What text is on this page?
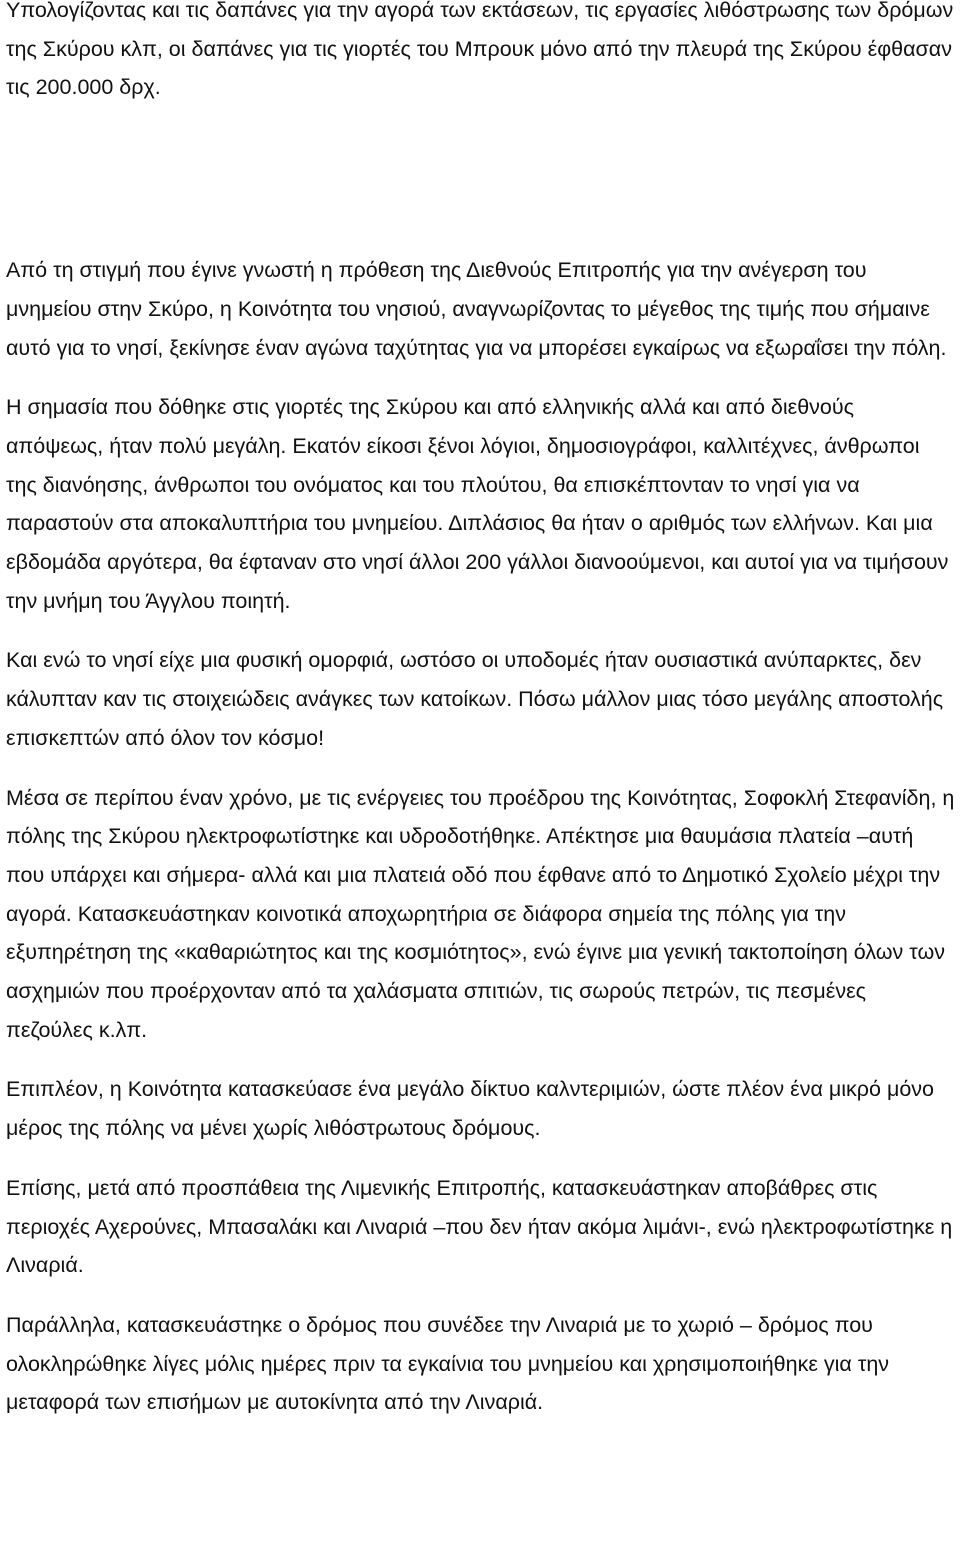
Υπολογίζοντας και τις δαπάνες για την αγορά των εκτάσεων, τις εργασίες λιθόστρωσης των δρόμων της Σκύρου κλπ, οι δαπάνες για τις γιορτές του Μπρουκ μόνο από την πλευρά της Σκύρου έφθασαν τις 200.000 δρχ.

Από τη στιγμή που έγινε γνωστή η πρόθεση της Διεθνούς Επιτροπής για την ανέγερση του μνημείου στην Σκύρο, η Κοινότητα του νησιού, αναγνωρίζοντας το μέγεθος της τιμής που σήμαινε αυτό για το νησί, ξεκίνησε έναν αγώνα ταχύτητας για να μπορέσει εγκαίρως να εξωραΐσει την πόλη.

Η σημασία που δόθηκε στις γιορτές της Σκύρου και από ελληνικής αλλά και από διεθνούς απόψεως, ήταν πολύ μεγάλη. Εκατόν είκοσι ξένοι λόγιοι, δημοσιογράφοι, καλλιτέχνες, άνθρωποι της διανόησης, άνθρωποι του ονόματος και του πλούτου, θα επισκέπτονταν το νησί για να παραστούν στα αποκαλυπτήρια του μνημείου. Διπλάσιος θα ήταν ο αριθμός των ελλήνων. Και μια εβδομάδα αργότερα, θα έφταναν στο νησί άλλοι 200 γάλλοι διανοούμενοι, και αυτοί για να τιμήσουν την μνήμη του Άγγλου ποιητή.

Και ενώ το νησί είχε μια φυσική ομορφιά, ωστόσο οι υποδομές ήταν ουσιαστικά ανύπαρκτες, δεν κάλυπταν καν τις στοιχειώδεις ανάγκες των κατοίκων. Πόσω μάλλον μιας τόσο μεγάλης αποστολής επισκεπτών από όλον τον κόσμο!

Μέσα σε περίπου έναν χρόνο, με τις ενέργειες του προέδρου της Κοινότητας, Σοφοκλή Στεφανίδη, η πόλης της Σκύρου ηλεκτροφωτίστηκε και υδροδοτήθηκε. Απέκτησε μια θαυμάσια πλατεία –αυτή που υπάρχει και σήμερα- αλλά και μια πλατειά οδό που έφθανε από το Δημοτικό Σχολείο μέχρι την αγορά. Κατασκευάστηκαν κοινοτικά αποχωρητήρια σε διάφορα σημεία της πόλης για την εξυπηρέτηση της «καθαριώτητος και της κοσμιότητος», ενώ έγινε μια γενική τακτοποίηση όλων των ασχημιών που προέρχονταν από τα χαλάσματα σπιτιών, τις σωρούς πετρών, τις πεσμένες πεζούλες κ.λπ.

Επιπλέον, η Κοινότητα κατασκεύασε ένα μεγάλο δίκτυο καλντεριμιών, ώστε πλέον ένα μικρό μόνο μέρος της πόλης να μένει χωρίς λιθόστρωτους δρόμους.

Επίσης, μετά από προσπάθεια της Λιμενικής Επιτροπής, κατασκευάστηκαν αποβάθρες στις περιοχές Αχερούνες, Μπασαλάκι και Λιναριά –που δεν ήταν ακόμα λιμάνι-, ενώ ηλεκτροφωτίστηκε η Λιναριά.

Παράλληλα, κατασκευάστηκε ο δρόμος που συνέδεε την Λιναριά με το χωριό – δρόμος που ολοκληρώθηκε λίγες μόλις ημέρες πριν τα εγκαίνια του μνημείου και χρησιμοποιήθηκε για την μεταφορά των επισήμων με αυτοκίνητα από την Λιναριά.
